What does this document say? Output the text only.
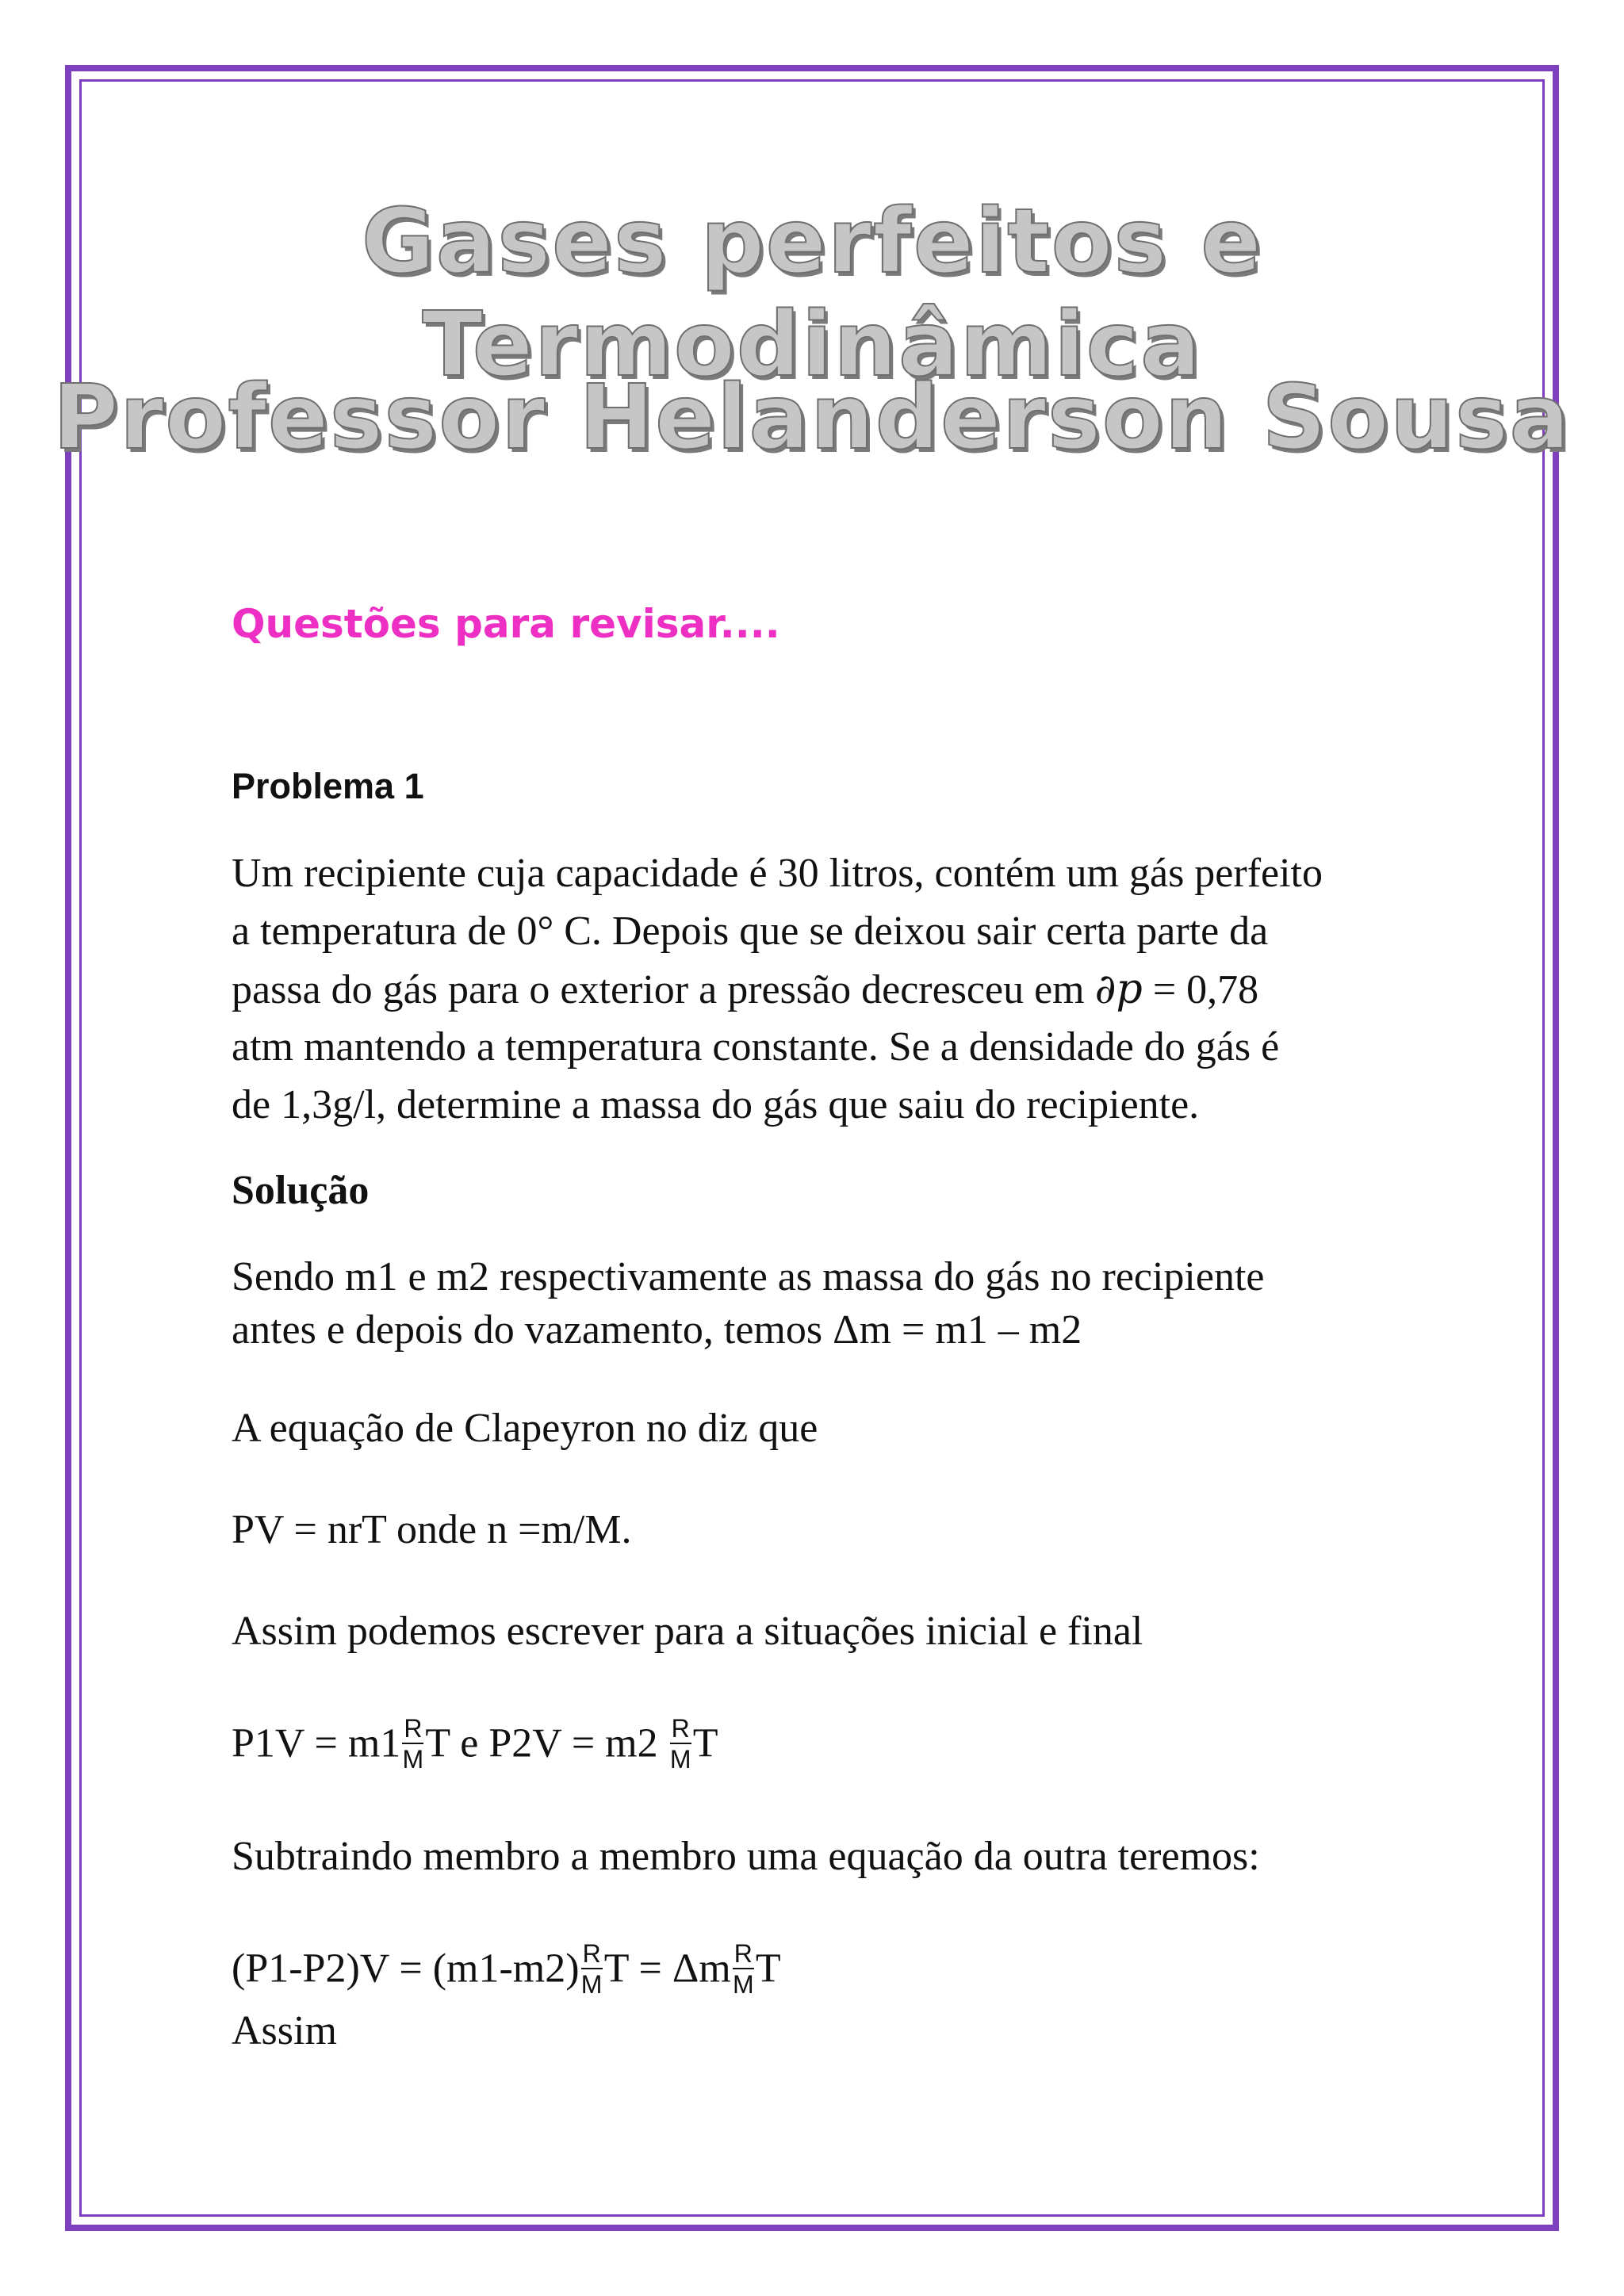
Gases perfeitos e Termodinâmica
Professor Helanderson Sousa
Questões para revisar....
Problema 1
Um recipiente cuja capacidade é 30 litros, contém um gás perfeito
a temperatura de 0° C. Depois que se deixou sair certa parte da
passa do gás para o exterior a pressão decresceu em ∂p = 0,78
atm mantendo a temperatura constante. Se a densidade do gás é
de 1,3g/l, determine a massa do gás que saiu do recipiente.
Solução
Sendo m1 e m2 respectivamente as massa do gás no recipiente
antes e depois do vazamento, temos Δm = m1 – m2
A equação de Clapeyron no diz que
PV = nrT onde n =m/M.
Assim podemos escrever para a situações inicial e final
$P1V = m1 \frac{R}{M}$ T e $P2V = m2 \frac{R}{M}$ T
Subtraindo membro a membro uma equação da outra teremos:
$(P1-P2)V = (m1-m2) \frac{R}{M}$ T = Δm $\frac{R}{M}$ T
Assim
